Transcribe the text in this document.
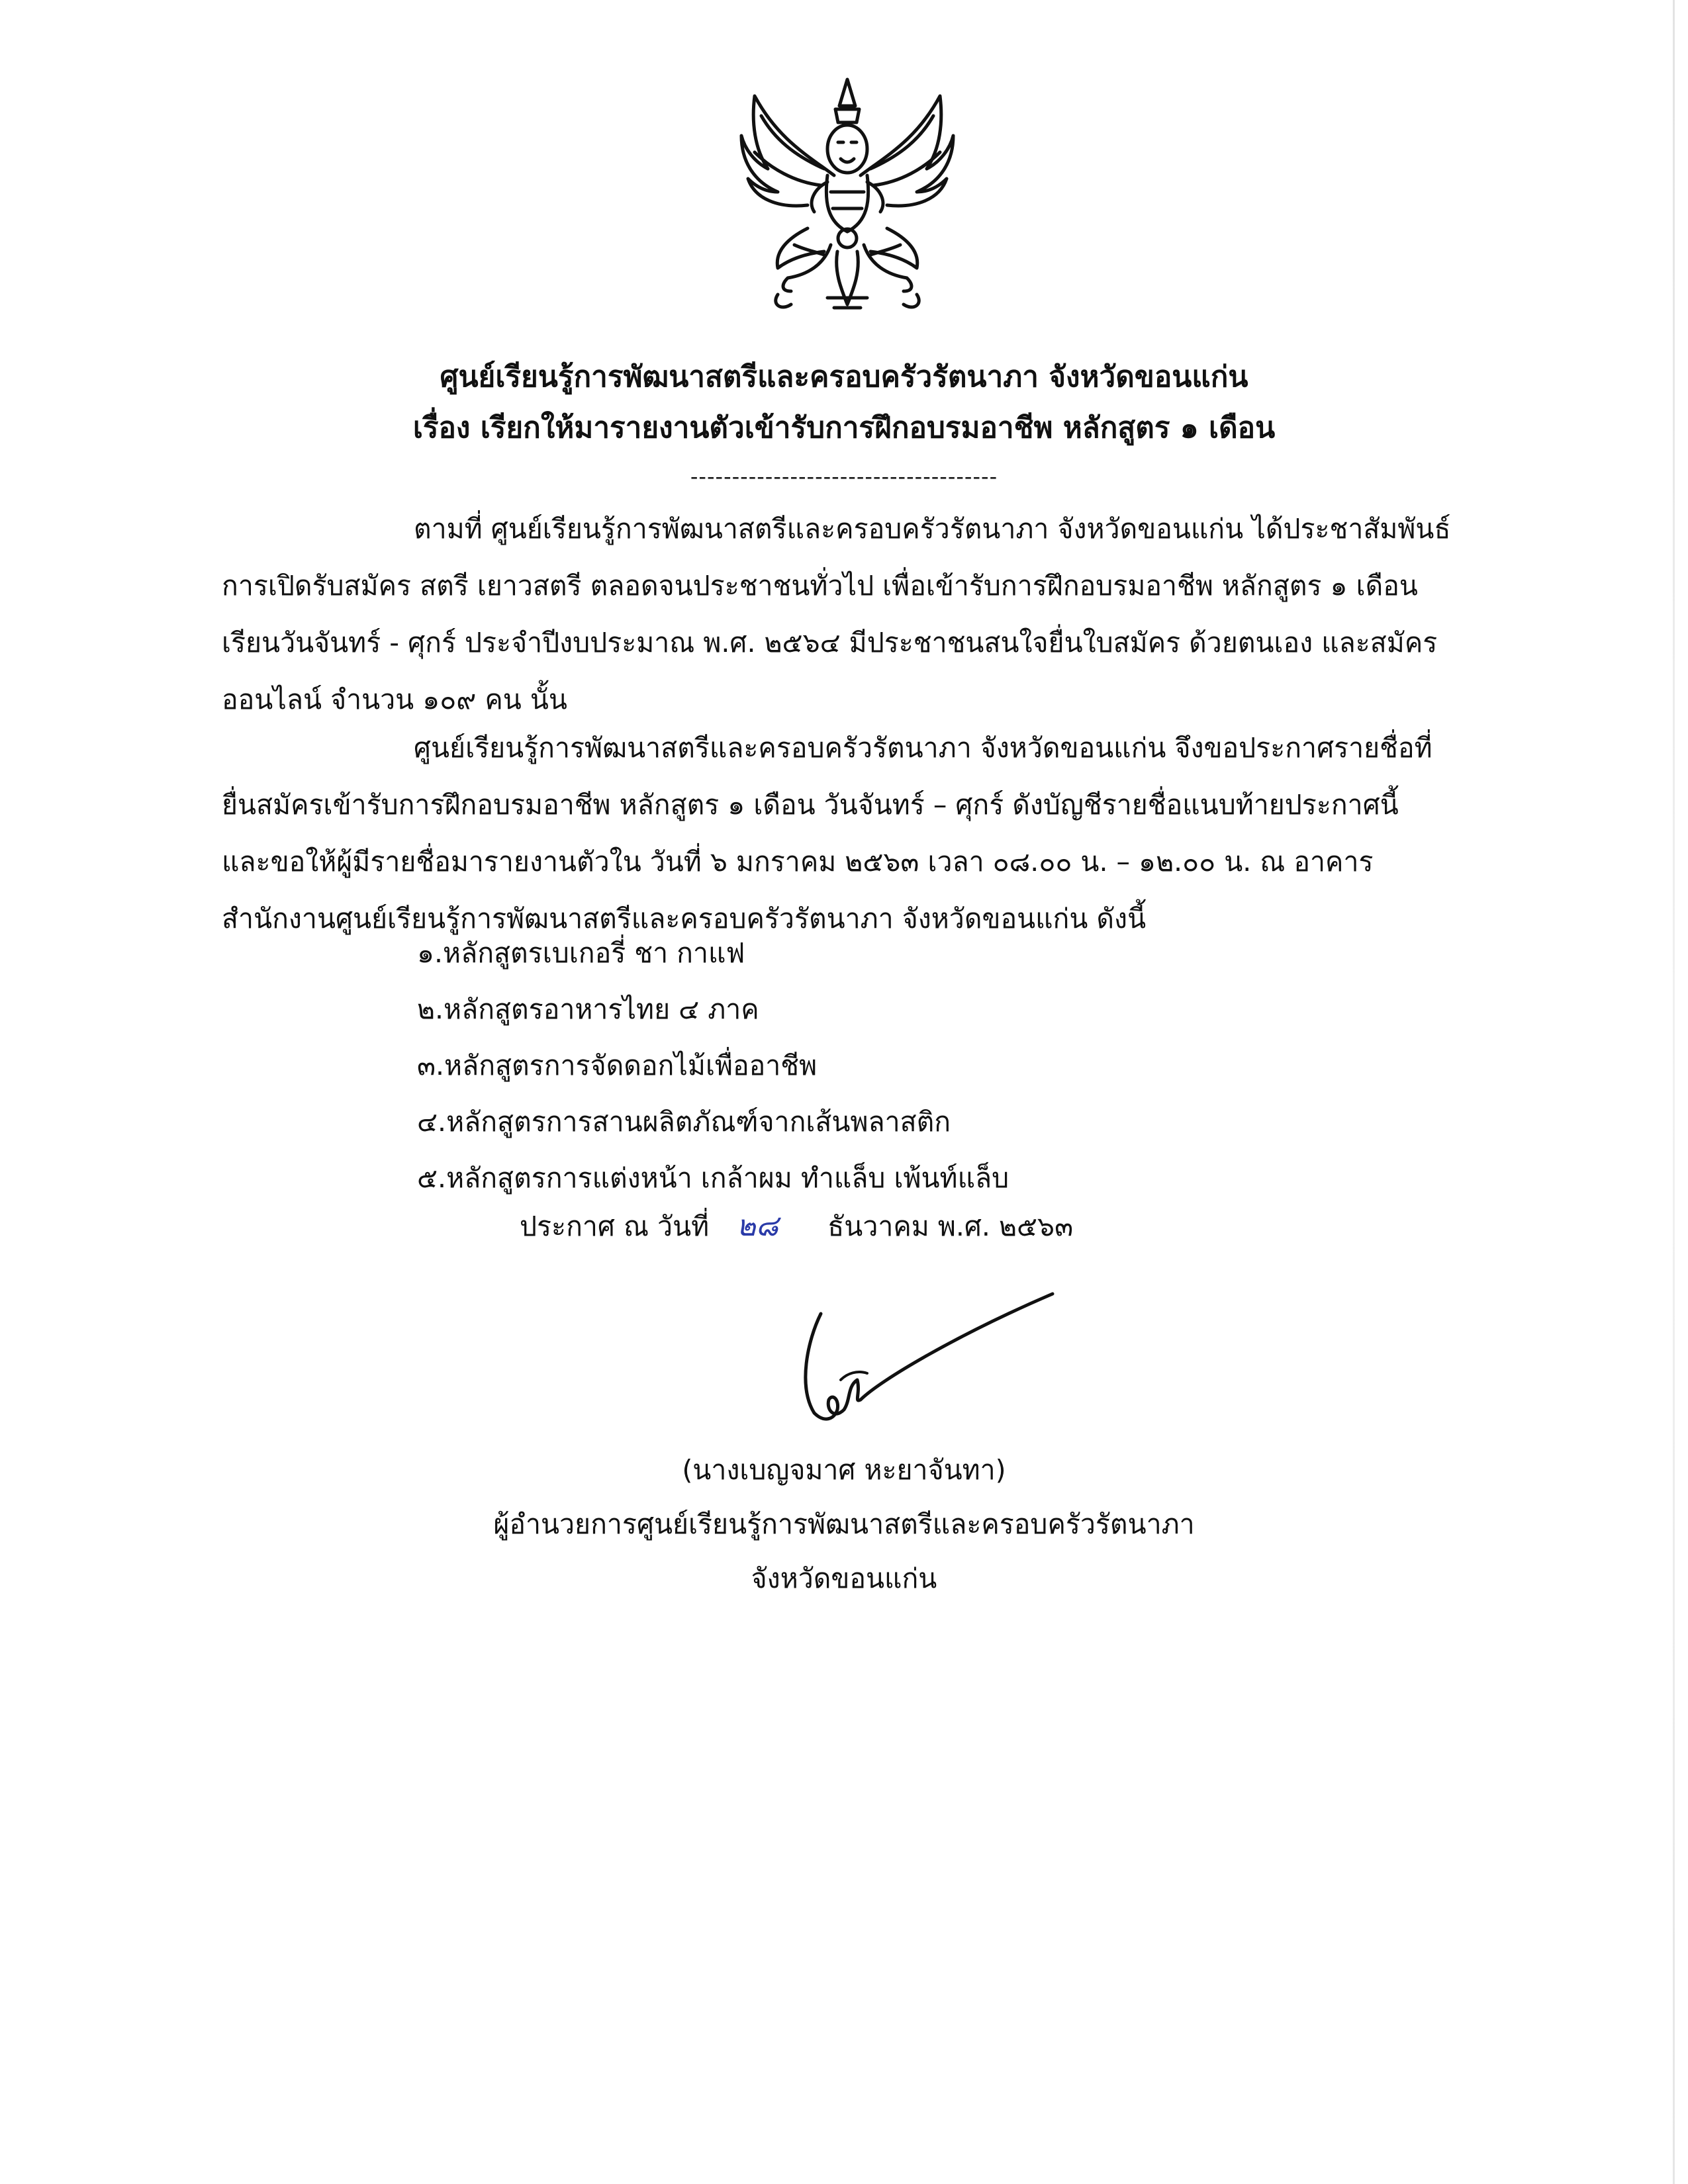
ศูนย์เรียนรู้การพัฒนาสตรีและครอบครัวรัตนาภา จังหวัดขอนแก่น
เรื่อง เรียกให้มารายงานตัวเข้ารับการฝึกอบรมอาชีพ หลักสูตร ๑ เดือน
-------------------------------------
ตามที่ ศูนย์เรียนรู้การพัฒนาสตรีและครอบครัวรัตนาภา จังหวัดขอนแก่น ได้ประชาสัมพันธ์
การเปิดรับสมัคร สตรี เยาวสตรี ตลอดจนประชาชนทั่วไป เพื่อเข้ารับการฝึกอบรมอาชีพ หลักสูตร ๑ เดือน
เรียนวันจันทร์ - ศุกร์ ประจำปีงบประมาณ พ.ศ. ๒๕๖๔ มีประชาชนสนใจยื่นใบสมัคร ด้วยตนเอง และสมัคร
ออนไลน์ จำนวน ๑๐๙ คน นั้น
ศูนย์เรียนรู้การพัฒนาสตรีและครอบครัวรัตนาภา จังหวัดขอนแก่น จึงขอประกาศรายชื่อที่
ยื่นสมัครเข้ารับการฝึกอบรมอาชีพ หลักสูตร ๑ เดือน วันจันทร์ – ศุกร์ ดังบัญชีรายชื่อแนบท้ายประกาศนี้
และขอให้ผู้มีรายชื่อมารายงานตัวใน วันที่ ๖ มกราคม ๒๕๖๓ เวลา ๐๘.๐๐ น. – ๑๒.๐๐ น. ณ อาคาร
สำนักงานศูนย์เรียนรู้การพัฒนาสตรีและครอบครัวรัตนาภา จังหวัดขอนแก่น ดังนี้
๑.หลักสูตรเบเกอรี่ ชา กาแฟ
๒.หลักสูตรอาหารไทย ๔ ภาค
๓.หลักสูตรการจัดดอกไม้เพื่ออาชีพ
๔.หลักสูตรการสานผลิตภัณฑ์จากเส้นพลาสติก
๕.หลักสูตรการแต่งหน้า เกล้าผม ทำแล็บ เพ้นท์แล็บ
ประกาศ ณ วันที่ ๒๘ ธันวาคม พ.ศ. ๒๕๖๓
(นางเบญจมาศ หะยาจันทา)
ผู้อำนวยการศูนย์เรียนรู้การพัฒนาสตรีและครอบครัวรัตนาภา
จังหวัดขอนแก่น
